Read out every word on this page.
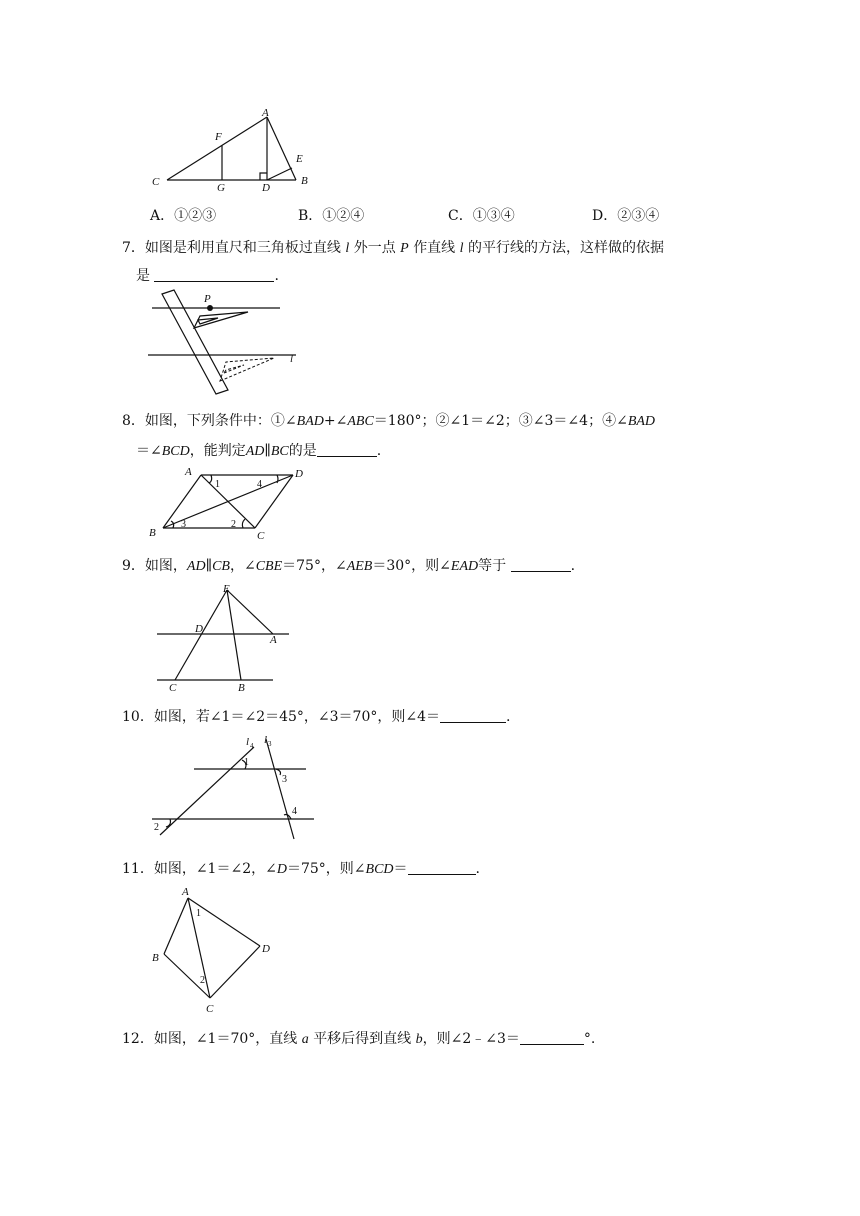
A
F
E
C	G	D
B
A．①②③	B．①②④	C．①③④	D．②③④
7．如图是利用直尺和三角板过直线 l 外一点 P 作直线 l 的平行线的方法，这样做的依据
是	.
P
l
8．如图，下列条件中：①∠BAD+∠ABC＝180°；②∠1＝∠2；③∠3＝∠4；④∠BAD
＝∠BCD，能判定AD∥BC的是	.
A	D
B	C
1	4
3	2
9．如图，AD∥CB，∠CBE＝75°，∠AEB＝30°，则∠EAD等于	.
E
D
A
C	B
10．如图，若∠1＝∠2＝45°，∠3＝70°，则∠4＝	.
l 4 l 3
1
3
2
4
11．如图，∠1＝∠2，∠D＝75°，则∠BCD＝	.
A
B
C
D
1
2
12．如图，∠1＝70°，直线 a 平移后得到直线 b，则∠2﹣∠3＝	°.
